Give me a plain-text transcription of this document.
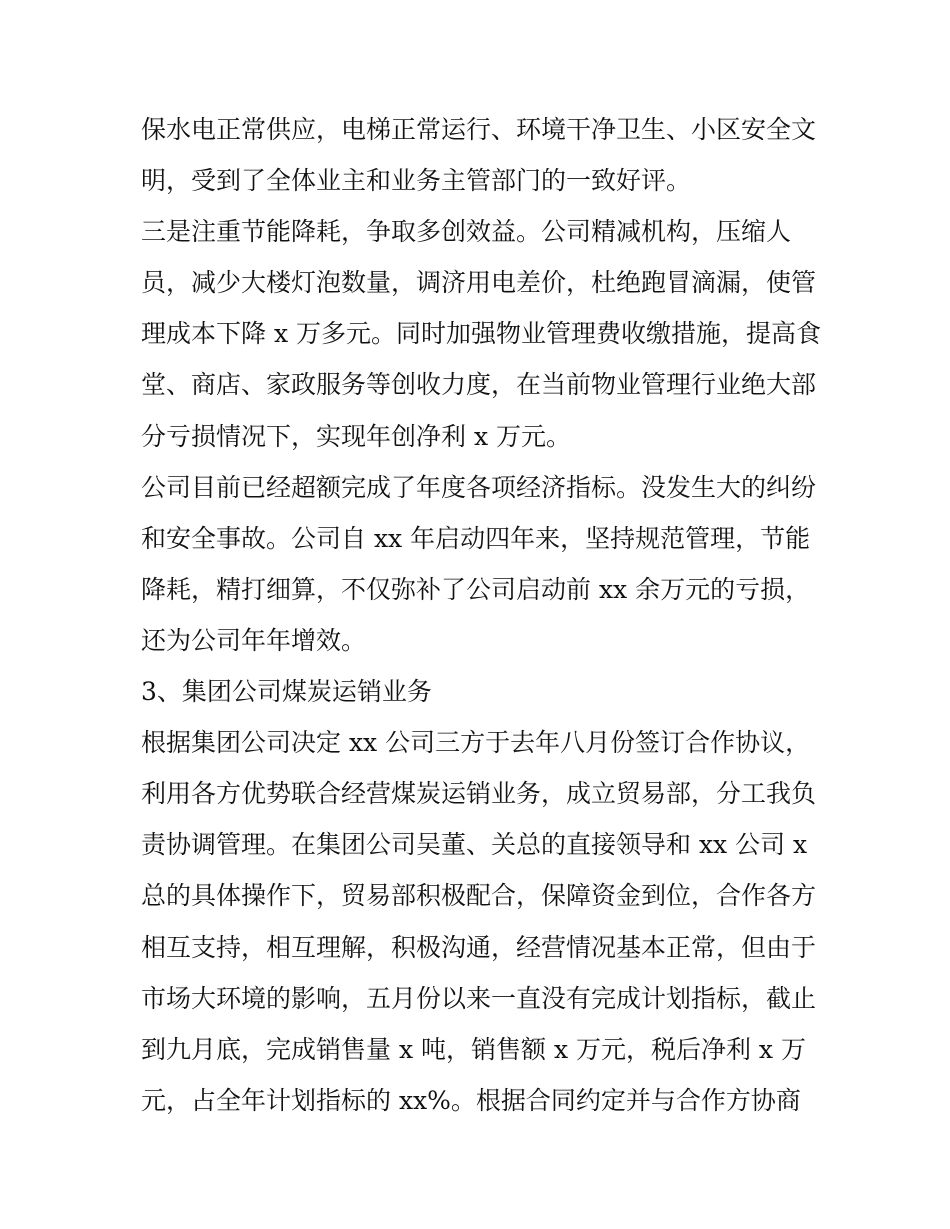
保水电正常供应，电梯正常运行、环境干净卫生、小区安全文
明，受到了全体业主和业务主管部门的一致好评。
三是注重节能降耗，争取多创效益。公司精减机构，压缩人
员，减少大楼灯泡数量，调济用电差价，杜绝跑冒滴漏，使管
理成本下降 x 万多元。同时加强物业管理费收缴措施，提高食
堂、商店、家政服务等创收力度，在当前物业管理行业绝大部
分亏损情况下，实现年创净利 x 万元。
公司目前已经超额完成了年度各项经济指标。没发生大的纠纷
和安全事故。公司自 xx 年启动四年来，坚持规范管理，节能
降耗，精打细算，不仅弥补了公司启动前 xx 余万元的亏损，
还为公司年年增效。
3、集团公司煤炭运销业务
根据集团公司决定 xx 公司三方于去年八月份签订合作协议，
利用各方优势联合经营煤炭运销业务，成立贸易部，分工我负
责协调管理。在集团公司吴董、关总的直接领导和 xx 公司 x
总的具体操作下，贸易部积极配合，保障资金到位，合作各方
相互支持，相互理解，积极沟通，经营情况基本正常，但由于
市场大环境的影响，五月份以来一直没有完成计划指标，截止
到九月底，完成销售量 x 吨，销售额 x 万元，税后净利 x 万
元，占全年计划指标的 xx%。根据合同约定并与合作方协商
